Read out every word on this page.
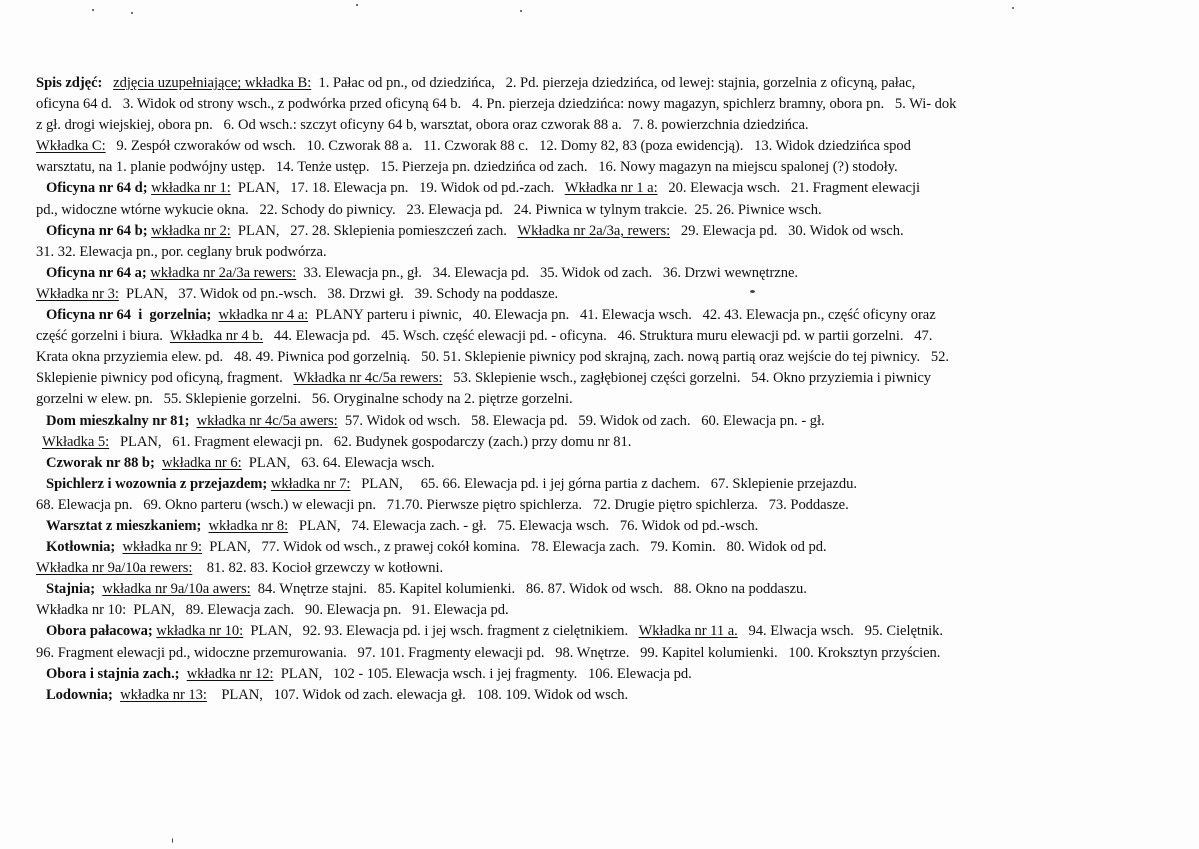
Spis zdjęć: zdjęcia uzupełniające; wkładka B:  1. Pałac od pn., od dziedzińca,   2. Pd. pierzeja dziedzińca, od lewej: stajnia, gorzelnia z oficyną, pałac,
oficyna 64 d.   3. Widok od strony wsch., z podwórka przed oficyną 64 b.   4. Pn. pierzeja dziedzińca: nowy magazyn, spichlerz bramny, obora pn.   5. Wi- dok
z gł. drogi wiejskiej, obora pn.   6. Od wsch.: szczyt oficyny 64 b, warsztat, obora oraz czworak 88 a.   7. 8. powierzchnia dziedzińca.
Wkładka C:   9. Zespół czworaków od wsch.   10. Czworak 88 a.   11. Czworak 88 c.   12. Domy 82, 83 (poza ewidencją).   13. Widok dziedzińca spod
warsztatu, na 1. planie podwójny ustęp.   14. Tenże ustęp.   15. Pierzeja pn. dziedzińca od zach.   16. Nowy magazyn na miejscu spalonej (?) stodoły.
Oficyna nr 64 d; wkładka nr 1:  PLAN,   17. 18. Elewacja pn.   19. Widok od pd.-zach.   Wkładka nr 1 a:   20. Elewacja wsch.   21. Fragment elewacji
pd., widoczne wtórne wykucie okna.   22. Schody do piwnicy.   23. Elewacja pd.   24. Piwnica w tylnym trakcie.  25. 26. Piwnice wsch.
Oficyna nr 64 b; wkładka nr 2:  PLAN,   27. 28. Sklepienia pomieszczeń zach.   Wkładka nr 2a/3a, rewers:   29. Elewacja pd.   30. Widok od wsch.
31. 32. Elewacja pn., por. ceglany bruk podwórza.
Oficyna nr 64 a; wkładka nr 2a/3a rewers:  33. Elewacja pn., gł.   34. Elewacja pd.   35. Widok od zach.   36. Drzwi wewnętrzne.
Wkładka nr 3:  PLAN,   37. Widok od pn.-wsch.   38. Drzwi gł.   39. Schody na poddasze.
Oficyna nr 64  i  gorzelnia; wkładka nr 4 a:  PLANY parteru i piwnic,   40. Elewacja pn.   41. Elewacja wsch.   42. 43. Elewacja pn., część oficyny oraz
część gorzelni i biura.  Wkładka nr 4 b.   44. Elewacja pd.   45. Wsch. część elewacji pd. - oficyna.   46. Struktura muru elewacji pd. w partii gorzelni.   47.
Krata okna przyziemia elew. pd.   48. 49. Piwnica pod gorzelnią.   50. 51. Sklepienie piwnicy pod skrajną, zach. nową partią oraz wejście do tej piwnicy.   52.
Sklepienie piwnicy pod oficyną, fragment.   Wkładka nr 4c/5a rewers:   53. Sklepienie wsch., zagłębionej części gorzelni.   54. Okno przyziemia i piwnicy
gorzelni w elew. pn.   55. Sklepienie gorzelni.   56. Oryginalne schody na 2. piętrze gorzelni.
Dom mieszkalny nr 81; wkładka nr 4c/5a awers:  57. Widok od wsch.   58. Elewacja pd.   59. Widok od zach.   60. Elewacja pn. - gł.
Wkładka 5:   PLAN,   61. Fragment elewacji pn.   62. Budynek gospodarczy (zach.) przy domu nr 81.
Czworak nr 88 b; wkładka nr 6:  PLAN,   63. 64. Elewacja wsch.
Spichlerz i wozownia z przejazdem; wkładka nr 7:   PLAN,     65. 66. Elewacja pd. i jej górna partia z dachem.   67. Sklepienie przejazdu.
68. Elewacja pn.   69. Okno parteru (wsch.) w elewacji pn.   71.70. Pierwsze piętro spichlerza.   72. Drugie piętro spichlerza.   73. Poddasze.
Warsztat z mieszkaniem; wkładka nr 8:   PLAN,   74. Elewacja zach. - gł.   75. Elewacja wsch.   76. Widok od pd.-wsch.
Kotłownia; wkładka nr 9:  PLAN,   77. Widok od wsch., z prawej cokół komina.   78. Elewacja zach.   79. Komin.   80. Widok od pd.
Wkładka nr 9a/10a rewers:    81. 82. 83. Kocioł grzewczy w kotłowni.
Stajnia; wkładka nr 9a/10a awers:  84. Wnętrze stajni.   85. Kapitel kolumienki.   86. 87. Widok od wsch.   88. Okno na poddaszu.
Wkładka nr 10:  PLAN,   89. Elewacja zach.   90. Elewacja pn.   91. Elewacja pd.
Obora pałacowa; wkładka nr 10:  PLAN,   92. 93. Elewacja pd. i jej wsch. fragment z cielętnikiem.   Wkładka nr 11 a.   94. Elwacja wsch.   95. Cielętnik.
96. Fragment elewacji pd., widoczne przemurowania.   97. 101. Fragmenty elewacji pd.   98. Wnętrze.   99. Kapitel kolumienki.   100. Kroksztyn przyścien.
Obora i stajnia zach.; wkładka nr 12:  PLAN,   102 - 105. Elewacja wsch. i jej fragmenty.   106. Elewacja pd.
Lodownia; wkładka nr 13:    PLAN,   107. Widok od zach. elewacja gł.   108. 109. Widok od wsch.
